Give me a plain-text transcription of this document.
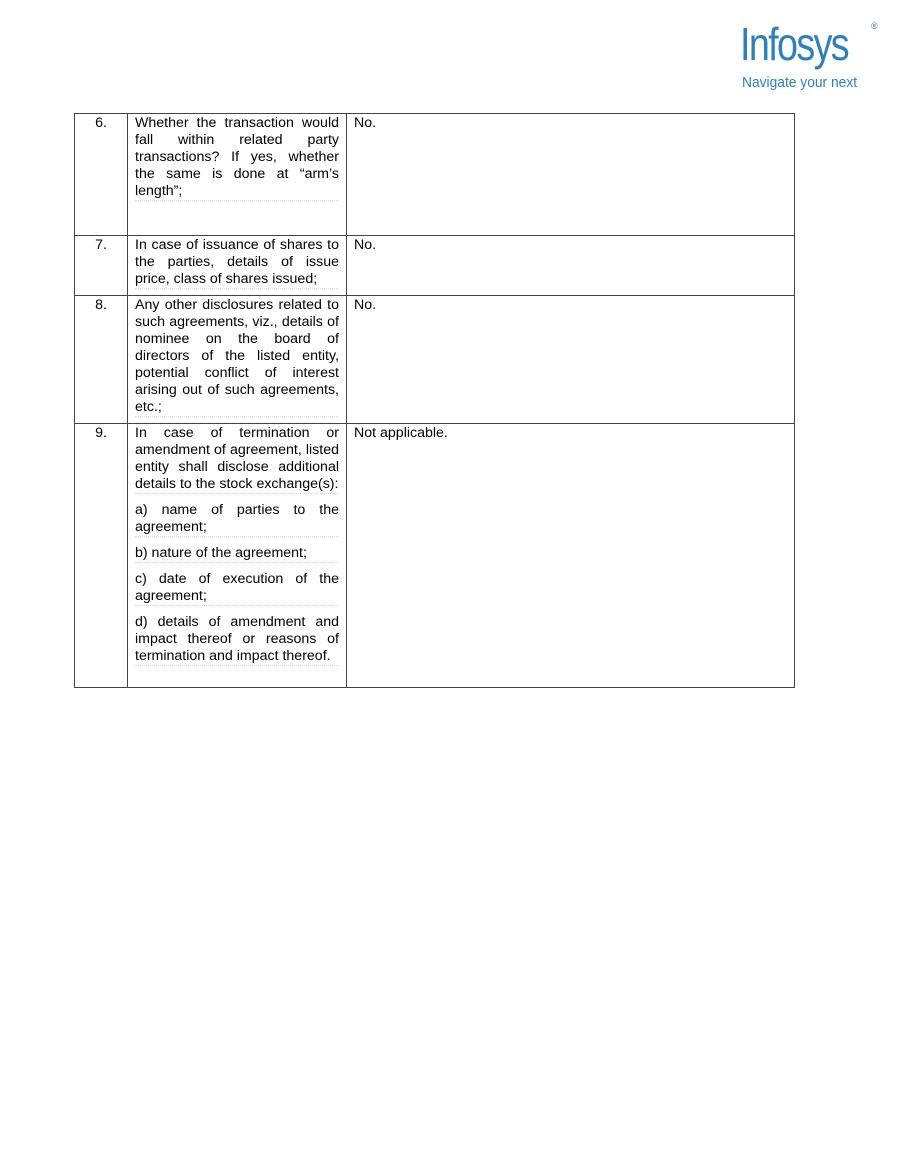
Infosys	®
Navigate your next
6.	Whether the transaction would fall within related party transactions? If yes, whether the same is done at “arm’s length”;	No.
7.	In case of issuance of shares to the parties, details of issue price, class of shares issued;	No.
8.	Any other disclosures related to such agreements, viz., details of nominee on the board of directors of the listed entity, potential conflict of interest arising out of such agreements, etc.;	No.
9.	In case of termination or amendment of agreement, listed entity shall disclose additional details to the stock exchange(s):
a) name of parties to the agreement;
b) nature of the agreement;
c) date of execution of the agreement;
d) details of amendment and impact thereof or reasons of termination and impact thereof.	Not applicable.
